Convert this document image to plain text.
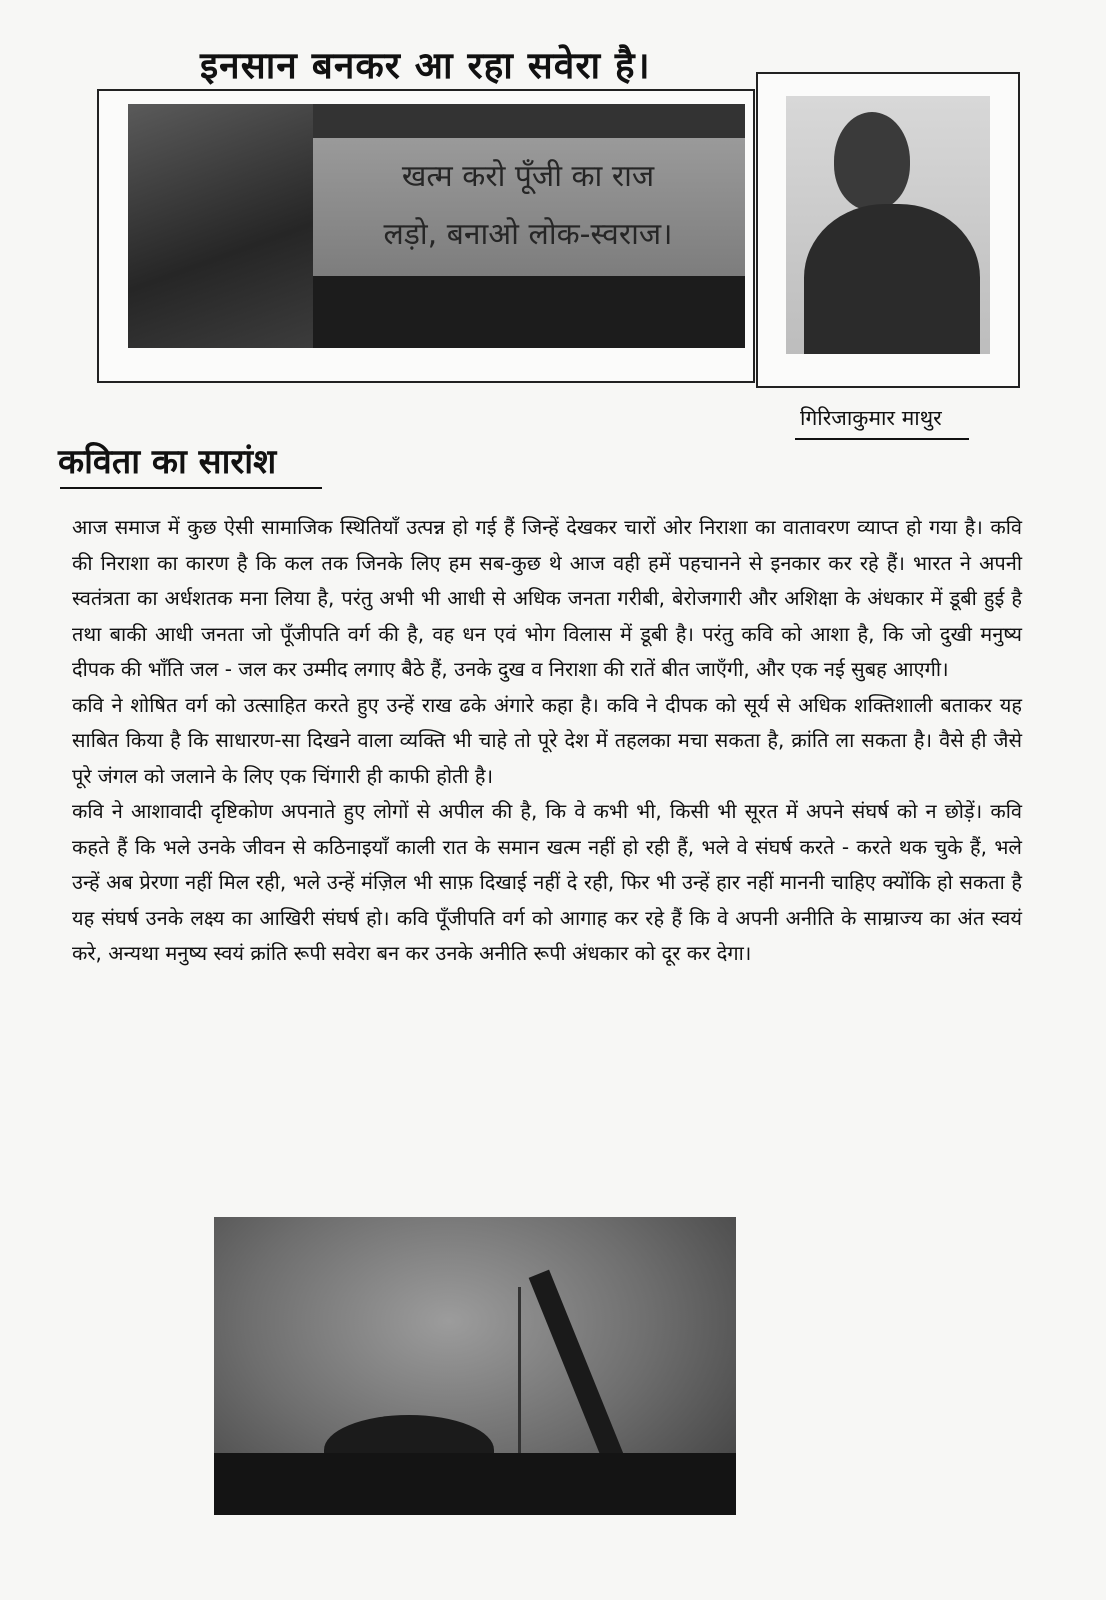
इनसान बनकर आ रहा सवेरा है।
खत्म करो पूँजी का राज
लड़ो, बनाओ लोक-स्वराज।
गिरिजाकुमार माथुर
कविता का सारांश

आज समाज में कुछ ऐसी सामाजिक स्थितियाँ उत्पन्न हो गई हैं जिन्हें देखकर चारों ओर निराशा का वातावरण व्याप्त हो गया है। कवि की निराशा का कारण है कि कल तक जिनके लिए हम सब-कुछ थे आज वही हमें पहचानने से इनकार कर रहे हैं। भारत ने अपनी स्वतंत्रता का अर्धशतक मना लिया है, परंतु अभी भी आधी से अधिक जनता गरीबी, बेरोजगारी और अशिक्षा के अंधकार में डूबी हुई है तथा बाकी आधी जनता जो पूँजीपति वर्ग की है, वह धन एवं भोग विलास में डूबी है। परंतु कवि को आशा है, कि जो दुखी मनुष्य दीपक की भाँति जल - जल कर उम्मीद लगाए बैठे हैं, उनके दुख व निराशा की रातें बीत जाएँगी, और एक नई सुबह आएगी।

कवि ने शोषित वर्ग को उत्साहित करते हुए उन्हें राख ढके अंगारे कहा है। कवि ने दीपक को सूर्य से अधिक शक्तिशाली बताकर यह साबित किया है कि साधारण-सा दिखने वाला व्यक्ति भी चाहे तो पूरे देश में तहलका मचा सकता है, क्रांति ला सकता है। वैसे ही जैसे पूरे जंगल को जलाने के लिए एक चिंगारी ही काफी होती है।

कवि ने आशावादी दृष्टिकोण अपनाते हुए लोगों से अपील की है, कि वे कभी भी, किसी भी सूरत में अपने संघर्ष को न छोड़ें। कवि कहते हैं कि भले उनके जीवन से कठिनाइयाँ काली रात के समान खत्म नहीं हो रही हैं, भले वे संघर्ष करते - करते थक चुके हैं, भले उन्हें अब प्रेरणा नहीं मिल रही, भले उन्हें मंज़िल भी साफ़ दिखाई नहीं दे रही, फिर भी उन्हें हार नहीं माननी चाहिए क्योंकि हो सकता है यह संघर्ष उनके लक्ष्य का आखिरी संघर्ष हो। कवि पूँजीपति वर्ग को आगाह कर रहे हैं कि वे अपनी अनीति के साम्राज्य का अंत स्वयं करे, अन्यथा मनुष्य स्वयं क्रांति रूपी सवेरा बन कर उनके अनीति रूपी अंधकार को दूर कर देगा।
